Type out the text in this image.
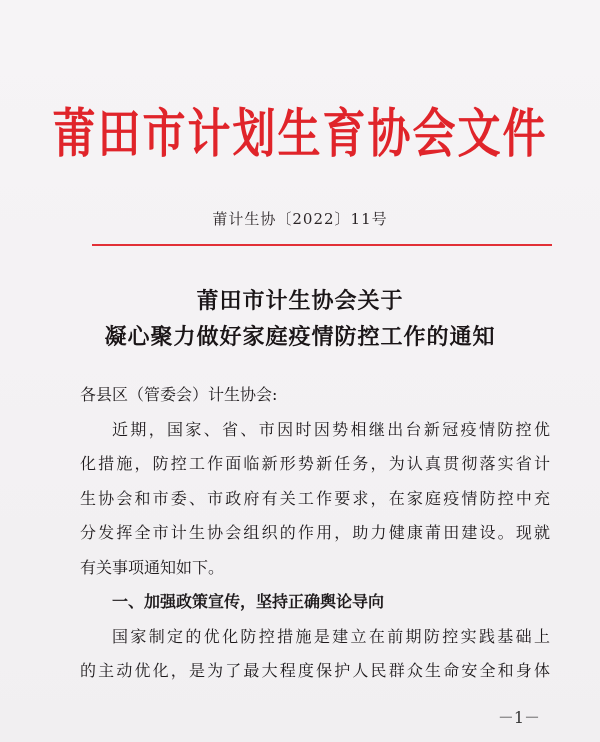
莆田市计划生育协会文件
莆计生协〔2022〕11号
莆田市计生协会关于
凝心聚力做好家庭疫情防控工作的通知

各县区（管委会）计生协会:

近期，国家、省、市因时因势相继出台新冠疫情防控优

化措施，防控工作面临新形势新任务，为认真贯彻落实省计

生协会和市委、市政府有关工作要求，在家庭疫情防控中充

分发挥全市计生协会组织的作用，助力健康莆田建设。现就

有关事项通知如下。

一、加强政策宣传，坚持正确舆论导向

国家制定的优化防控措施是建立在前期防控实践基础上

的主动优化，是为了最大程度保护人民群众生命安全和身体

－1－
